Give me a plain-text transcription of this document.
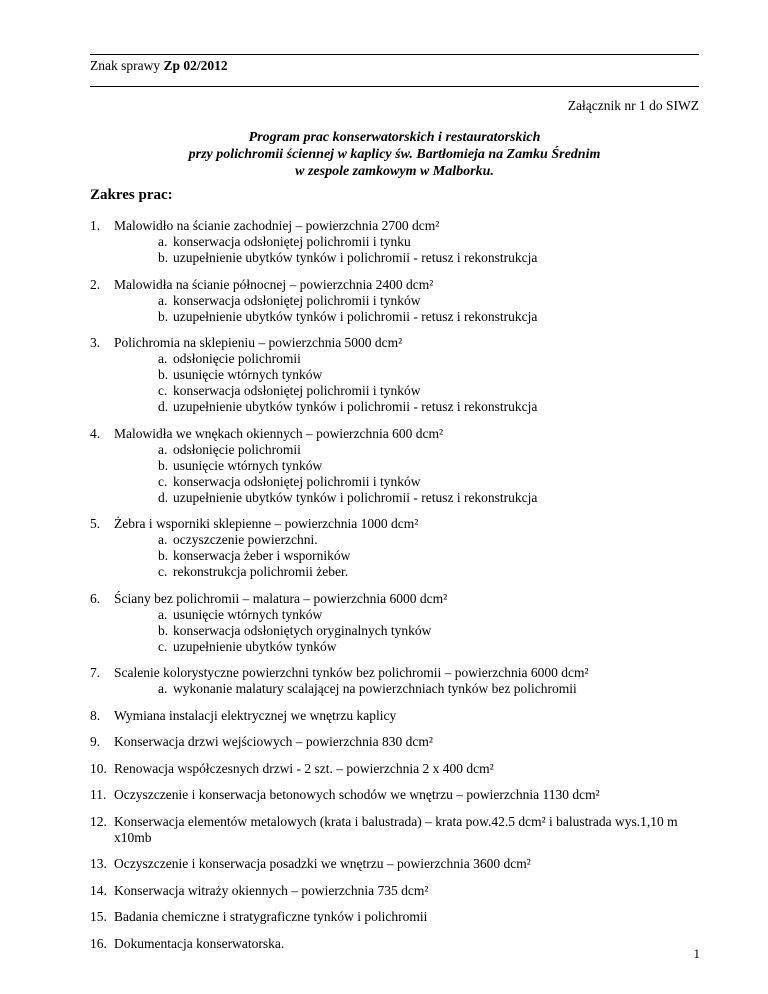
Znak sprawy Zp 02/2012
Załącznik nr 1 do SIWZ
Program prac konserwatorskich i restauratorskich
przy polichromii ściennej w kaplicy św. Bartłomieja na Zamku Średnim
w zespole zamkowym w Malborku.
Zakres prac:
1.	Malowidło na ścianie zachodniej – powierzchnia 2700 dcm²
a. konserwacja odsłoniętej polichromii i tynku
b. uzupełnienie ubytków tynków i polichromii - retusz i rekonstrukcja
2.	Malowidła na ścianie północnej – powierzchnia 2400 dcm²
a. konserwacja odsłoniętej polichromii i tynków
b. uzupełnienie ubytków tynków i polichromii - retusz i rekonstrukcja
3.	Polichromia na sklepieniu – powierzchnia 5000 dcm²
a. odsłonięcie polichromii
b. usunięcie wtórnych tynków
c. konserwacja odsłoniętej polichromii i tynków
d. uzupełnienie ubytków tynków i polichromii - retusz i rekonstrukcja
4.	Malowidła we wnękach okiennych – powierzchnia 600 dcm²
a. odsłonięcie polichromii
b. usunięcie wtórnych tynków
c. konserwacja odsłoniętej polichromii i tynków
d. uzupełnienie ubytków tynków i polichromii - retusz i rekonstrukcja
5.	Żebra i wsporniki sklepienne – powierzchnia 1000 dcm²
a. oczyszczenie powierzchni.
b. konserwacja żeber i wsporników
c. rekonstrukcja polichromii żeber.
6.	Ściany bez polichromii – malatura – powierzchnia 6000 dcm²
a. usunięcie wtórnych tynków
b. konserwacja odsłoniętych oryginalnych tynków
c. uzupełnienie ubytków tynków
7.	Scalenie kolorystyczne powierzchni tynków bez polichromii – powierzchnia 6000 dcm²
a. wykonanie malatury scalającej na powierzchniach tynków bez polichromii
8.	Wymiana instalacji elektrycznej we wnętrzu kaplicy
9.	Konserwacja drzwi wejściowych – powierzchnia 830 dcm²
10. Renowacja współczesnych drzwi - 2 szt. – powierzchnia 2 x 400 dcm²
11. Oczyszczenie i konserwacja betonowych schodów we wnętrzu – powierzchnia 1130 dcm²
12. Konserwacja elementów metalowych (krata i balustrada) – krata pow.42.5 dcm² i balustrada wys.1,10 m x10mb
13. Oczyszczenie i konserwacja posadzki we wnętrzu – powierzchnia 3600 dcm²
14. Konserwacja witraży okiennych – powierzchnia 735 dcm²
15. Badania chemiczne i stratygraficzne tynków i polichromii
16. Dokumentacja konserwatorska.
1
